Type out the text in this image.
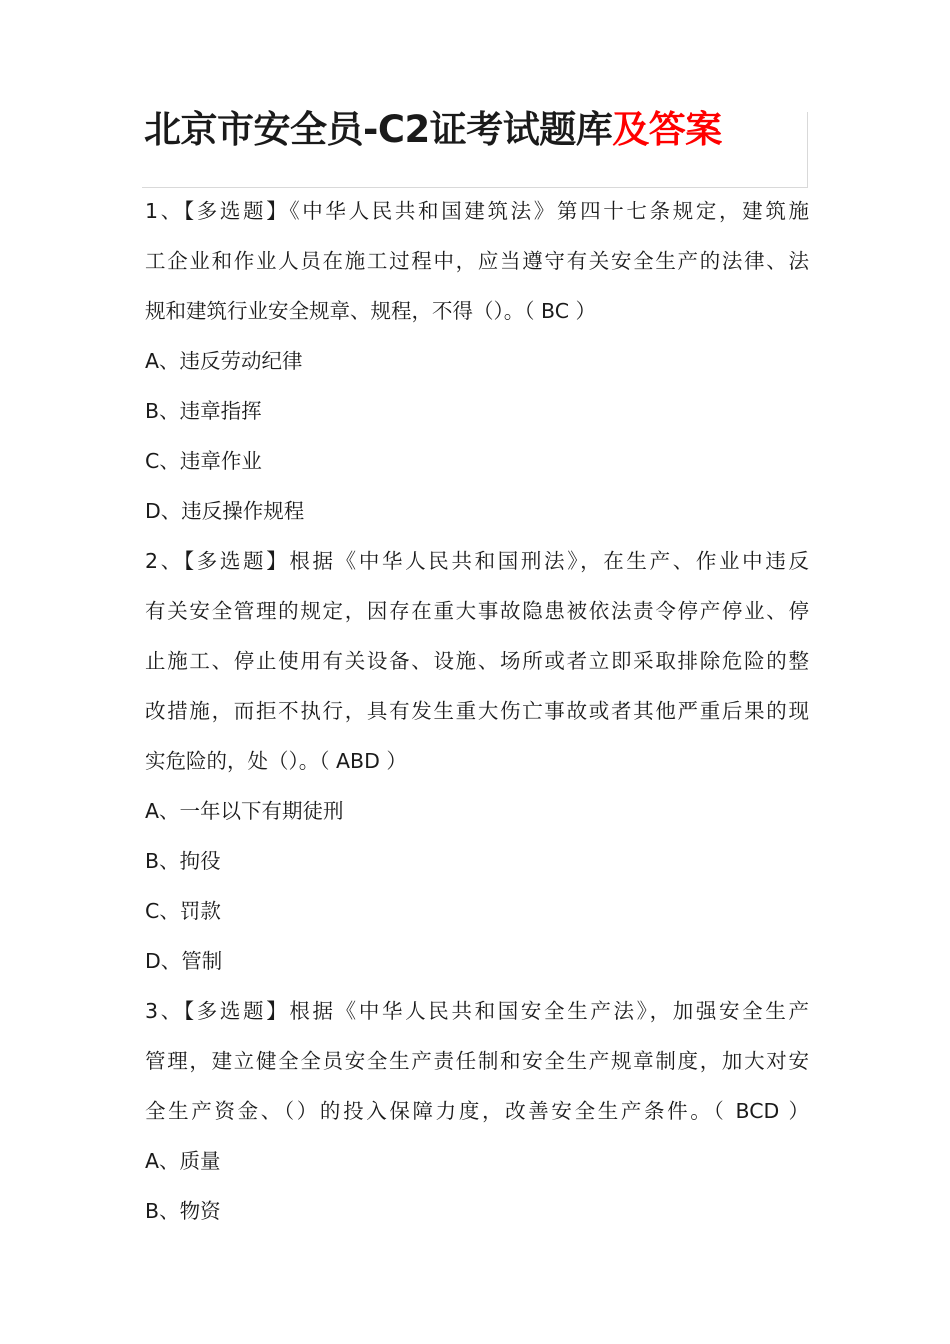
北京市安全员-C2证考试题库及答案
1、【多选题】《中华人民共和国建筑法》第四十七条规定，建筑施
工企业和作业人员在施工过程中，应当遵守有关安全生产的法律、法
规和建筑行业安全规章、规程，不得（）。（ BC ）
A、违反劳动纪律
B、违章指挥
C、违章作业
D、违反操作规程
2、【多选题】根据《中华人民共和国刑法》，在生产、作业中违反
有关安全管理的规定，因存在重大事故隐患被依法责令停产停业、停
止施工、停止使用有关设备、设施、场所或者立即采取排除危险的整
改措施，而拒不执行，具有发生重大伤亡事故或者其他严重后果的现
实危险的，处（）。（ ABD ）
A、一年以下有期徒刑
B、拘役
C、罚款
D、管制
3、【多选题】根据《中华人民共和国安全生产法》，加强安全生产
管理，建立健全全员安全生产责任制和安全生产规章制度，加大对安
全生产资金、（）的投入保障力度，改善安全生产条件。（ BCD ）
A、质量
B、物资
